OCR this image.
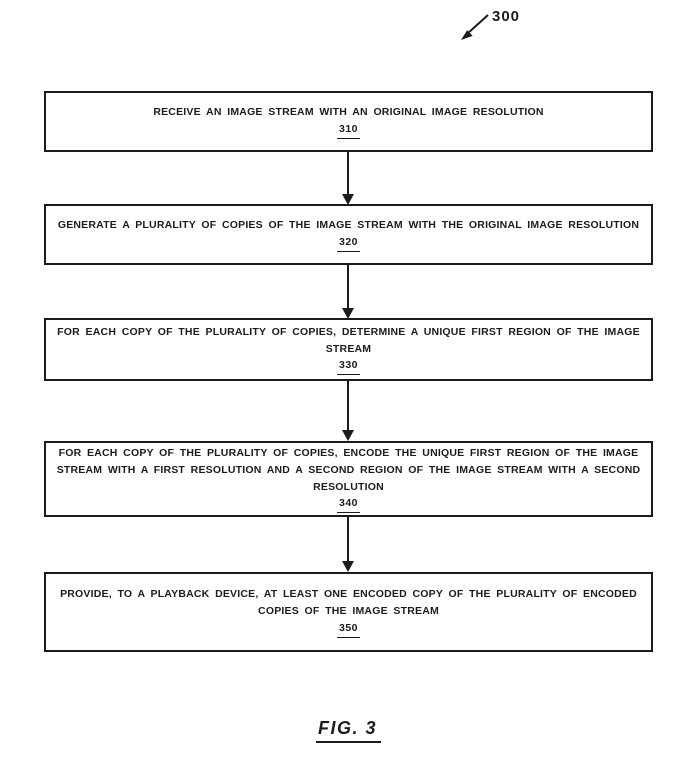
300
RECEIVE AN IMAGE STREAM WITH AN ORIGINAL IMAGE RESOLUTION
310
GENERATE A PLURALITY OF COPIES OF THE IMAGE STREAM WITH THE ORIGINAL IMAGE RESOLUTION
320
FOR EACH COPY OF THE PLURALITY OF COPIES, DETERMINE A UNIQUE FIRST REGION OF THE IMAGE STREAM
330
FOR EACH COPY OF THE PLURALITY OF COPIES, ENCODE THE UNIQUE FIRST REGION OF THE IMAGE STREAM WITH A FIRST RESOLUTION AND A SECOND REGION OF THE IMAGE STREAM WITH A SECOND RESOLUTION
340
PROVIDE, TO A PLAYBACK DEVICE, AT LEAST ONE ENCODED COPY OF THE PLURALITY OF ENCODED COPIES OF THE IMAGE STREAM
350
FIG. 3
